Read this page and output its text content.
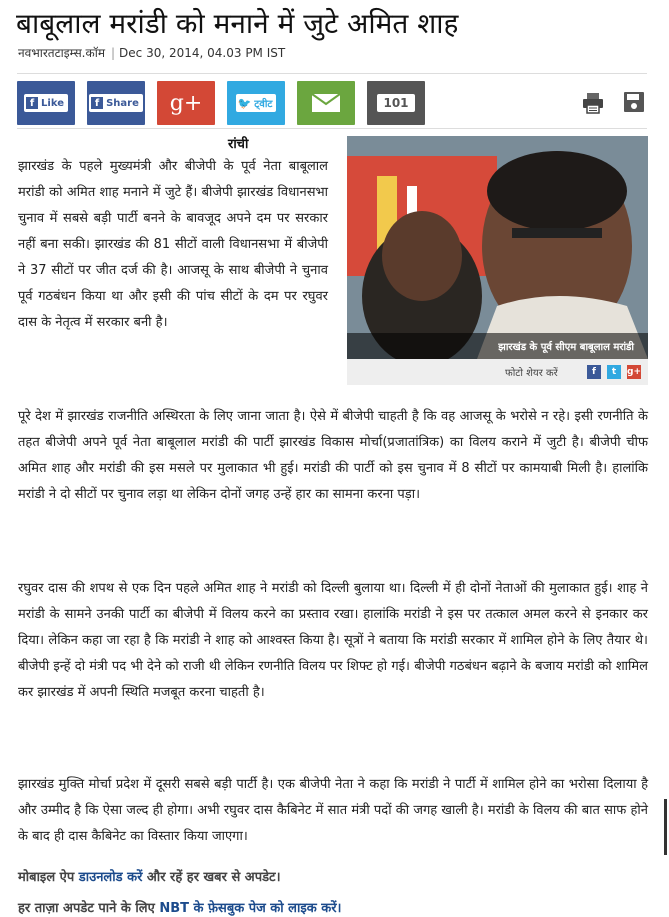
बाबूलाल मरांडी को मनाने में जुटे अमित शाह
नवभारतटाइम्स.कॉम | Dec 30, 2014, 04.03 PM IST
f Like	f Share g+	🐦 ट्वीट	101
रांची
झारखंड के पूर्व सीएम बाबूलाल मरांडी
फोटो शेयर करें	f	t	g+

झारखंड के पहले मुख्यमंत्री और बीजेपी के पूर्व नेता बाबूलाल मरांडी को अमित शाह मनाने में जुटे हैं। बीजेपी झारखंड विधानसभा चुनाव में सबसे बड़ी पार्टी बनने के बावजूद अपने दम पर सरकार नहीं बना सकी। झारखंड की 81 सीटों वाली विधानसभा में बीजेपी ने 37 सीटों पर जीत दर्ज की है। आजसू के साथ बीजेपी ने चुनाव पूर्व गठबंधन किया था और इसी की पांच सीटों के दम पर रघुवर दास के नेतृत्व में सरकार बनी है।

पूरे देश में झारखंड राजनीति अस्थिरता के लिए जाना जाता है। ऐसे में बीजेपी चाहती है कि वह आजसू के भरोसे न रहे। इसी रणनीति के तहत बीजेपी अपने पूर्व नेता बाबूलाल मरांडी की पार्टी झारखंड विकास मोर्चा(प्रजातांत्रिक) का विलय कराने में जुटी है। बीजेपी चीफ अमित शाह और मरांडी की इस मसले पर मुलाकात भी हुई। मरांडी की पार्टी को इस चुनाव में 8 सीटों पर कामयाबी मिली है। हालांकि मरांडी ने दो सीटों पर चुनाव लड़ा था लेकिन दोनों जगह उन्हें हार का सामना करना पड़ा।

रघुवर दास की शपथ से एक दिन पहले अमित शाह ने मरांडी को दिल्ली बुलाया था। दिल्ली में ही दोनों नेताओं की मुलाकात हुई। शाह ने मरांडी के सामने उनकी पार्टी का बीजेपी में विलय करने का प्रस्ताव रखा। हालांकि मरांडी ने इस पर तत्काल अमल करने से इनकार कर दिया। लेकिन कहा जा रहा है कि मरांडी ने शाह को आश्वस्त किया है। सूत्रों ने बताया कि मरांडी सरकार में शामिल होने के लिए तैयार थे। बीजेपी इन्हें दो मंत्री पद भी देने को राजी थी लेकिन रणनीति विलय पर शिफ्ट हो गई। बीजेपी गठबंधन बढ़ाने के बजाय मरांडी को शामिल कर झारखंड में अपनी स्थिति मजबूत करना चाहती है।

झारखंड मुक्ति मोर्चा प्रदेश में दूसरी सबसे बड़ी पार्टी है। एक बीजेपी नेता ने कहा कि मरांडी ने पार्टी में शामिल होने का भरोसा दिलाया है और उम्मीद है कि ऐसा जल्द ही होगा। अभी रघुवर दास कैबिनेट में सात मंत्री पदों की जगह खाली है। मरांडी के विलय की बात साफ होने के बाद ही दास कैबिनेट का विस्तार किया जाएगा।

मोबाइल ऐप डाउनलोड करें और रहें हर खबर से अपडेट।
हर ताज़ा अपडेट पाने के लिए NBT के फ़ेसबुक पेज को लाइक करें।
